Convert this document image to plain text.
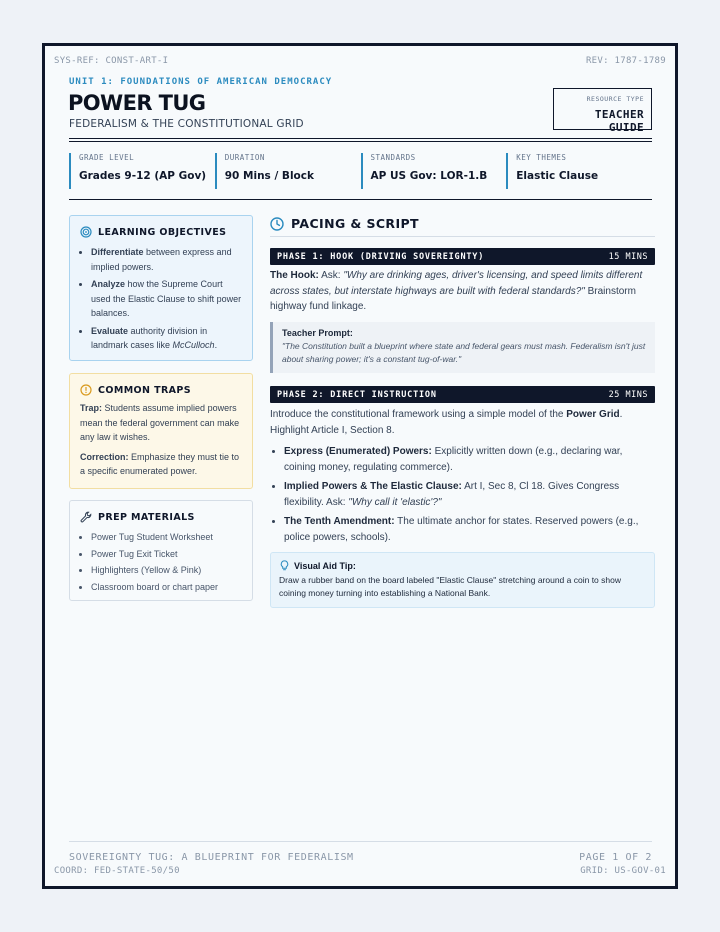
SYS-REF: CONST-ART-I	REV: 1787-1789
UNIT 1: FOUNDATIONS OF AMERICAN DEMOCRACY
POWER TUG
FEDERALISM & THE CONSTITUTIONAL GRID
RESOURCE TYPE
TEACHER GUIDE
GRADE LEVEL
Grades 9-12 (AP Gov)
DURATION
90 Mins / Block
STANDARDS
AP US Gov: LOR-1.B
KEY THEMES
Elastic Clause
LEARNING OBJECTIVES
• Differentiate between express and implied powers.
• Analyze how the Supreme Court used the Elastic Clause to shift power balances.
• Evaluate authority division in landmark cases like McCulloch.
COMMON TRAPS

Trap: Students assume implied powers mean the federal government can make any law it wishes.

Correction: Emphasize they must tie to a specific enumerated power.

PREP MATERIALS
• Power Tug Student Worksheet
• Power Tug Exit Ticket
• Highlighters (Yellow & Pink)
• Classroom board or chart paper
PACING & SCRIPT
PHASE 1: HOOK (DRIVING SOVEREIGNTY)	15 MINS
The Hook: Ask: "Why are drinking ages, driver's licensing, and speed limits different across states, but interstate highways are built with federal standards?" Brainstorm highway fund linkage.
Teacher Prompt:
"The Constitution built a blueprint where state and federal gears must mash. Federalism isn't just about sharing power; it's a constant tug-of-war."
PHASE 2: DIRECT INSTRUCTION	25 MINS
Introduce the constitutional framework using a simple model of the Power Grid. Highlight Article I, Section 8.
• Express (Enumerated) Powers: Explicitly written down (e.g., declaring war, coining money, regulating commerce).
• Implied Powers & The Elastic Clause: Art I, Sec 8, Cl 18. Gives Congress flexibility. Ask: "Why call it 'elastic'?"
• The Tenth Amendment: The ultimate anchor for states. Reserved powers (e.g., police powers, schools).
Visual Aid Tip:
Draw a rubber band on the board labeled "Elastic Clause" stretching around a coin to show coining money turning into establishing a National Bank.
SOVEREIGNTY TUG: A BLUEPRINT FOR FEDERALISM	PAGE 1 OF 2
COORD: FED-STATE-50/50	GRID: US-GOV-01
